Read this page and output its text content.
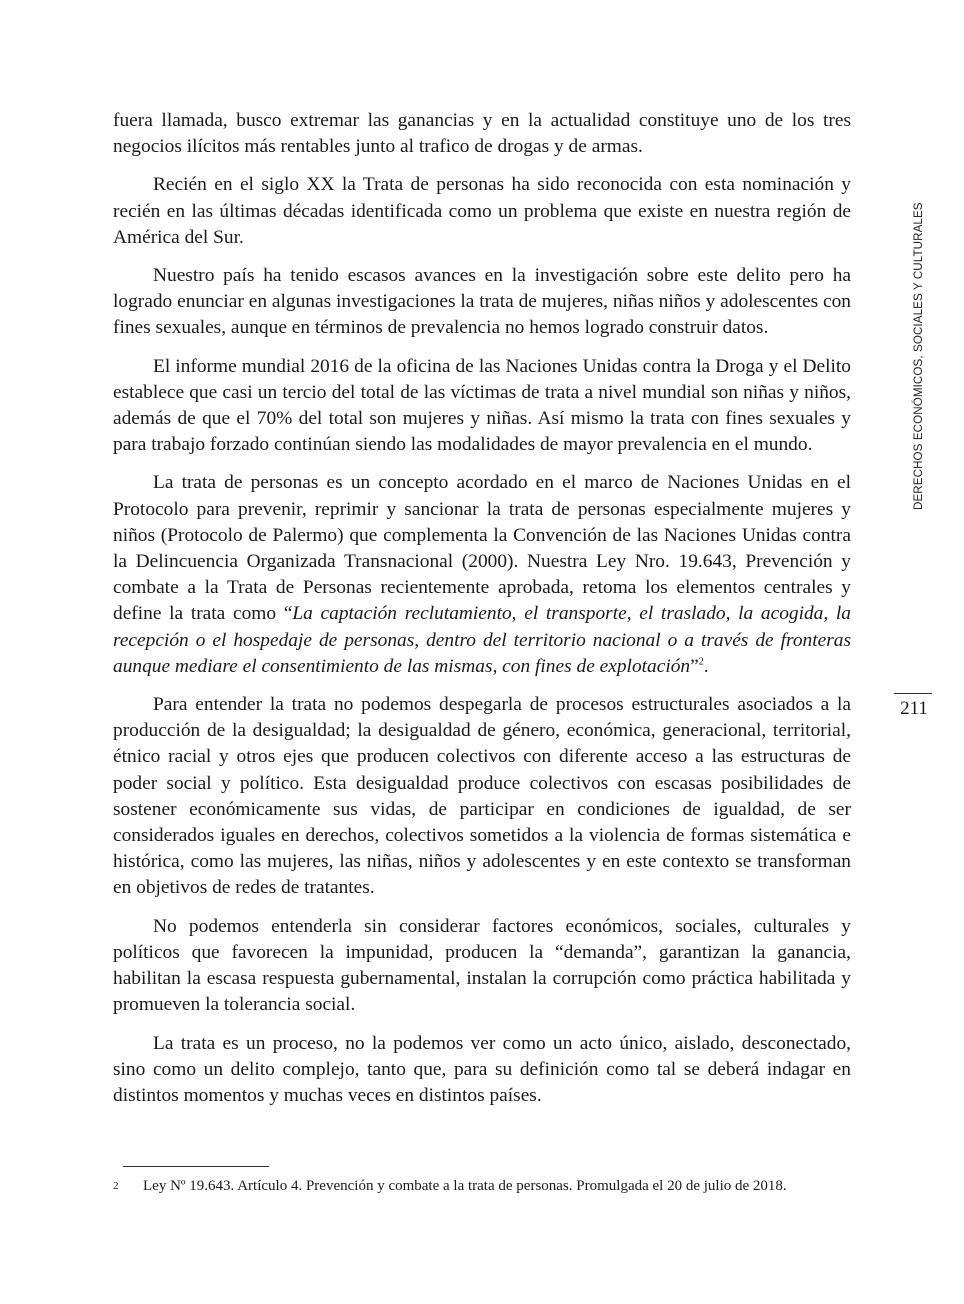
DERECHOS ECONÓMICOS, SOCIALES Y CULTURALES
211

fuera llamada, busco extremar las ganancias y en la actualidad constituye uno de los tres negocios ilícitos más rentables junto al trafico de drogas y de armas.

Recién en el siglo XX la Trata de personas ha sido reconocida con esta nominación y recién en las últimas décadas identificada como un problema que existe en nuestra región de América del Sur.

Nuestro país ha tenido escasos avances en la investigación sobre este delito pero ha logrado enunciar en algunas investigaciones la trata de mujeres, niñas niños y adolescentes con fines sexuales, aunque en términos de prevalencia no hemos logrado construir datos.

El informe mundial 2016 de la oficina de las Naciones Unidas contra la Droga y el Delito establece que casi un tercio del total de las víctimas de trata a nivel mundial son niñas y niños, además de que el 70% del total son mujeres y niñas. Así mismo la trata con fines sexuales y para trabajo forzado continúan siendo las modalidades de mayor prevalencia en el mundo.

La trata de personas es un concepto acordado en el marco de Naciones Unidas en el Protocolo para prevenir, reprimir y sancionar la trata de personas especialmente mujeres y niños (Protocolo de Palermo) que complementa la Convención de las Naciones Unidas contra la Delincuencia Organizada Transnacional (2000). Nuestra Ley Nro. 19.643, Prevención y combate a la Trata de Personas recientemente aprobada, retoma los elementos centrales y define la trata como “La captación reclutamiento, el transporte, el traslado, la acogida, la recepción o el hospedaje de personas, dentro del territorio nacional o a través de fronteras aunque mediare el consentimiento de las mismas, con fines de explotación”$^2$.

Para entender la trata no podemos despegarla de procesos estructurales asociados a la producción de la desigualdad; la desigualdad de género, económica, generacional, territorial, étnico racial y otros ejes que producen colectivos con diferente acceso a las estructuras de poder social y político. Esta desigualdad produce colectivos con escasas posibilidades de sostener económicamente sus vidas, de participar en condiciones de igualdad, de ser considerados iguales en derechos, colectivos sometidos a la violencia de formas sistemática e histórica, como las mujeres, las niñas, niños y adolescentes y en este contexto se transforman en objetivos de redes de tratantes.

No podemos entenderla sin considerar factores económicos, sociales, culturales y políticos que favorecen la impunidad, producen la “demanda”, garantizan la ganancia, habilitan la escasa respuesta gubernamental, instalan la corrupción como práctica habilitada y promueven la tolerancia social.

La trata es un proceso, no la podemos ver como un acto único, aislado, desconectado, sino como un delito complejo, tanto que, para su definición como tal se deberá indagar en distintos momentos y muchas veces en distintos países.

2 Ley Nº 19.643. Artículo 4. Prevención y combate a la trata de personas. Promulgada el 20 de julio de 2018.
